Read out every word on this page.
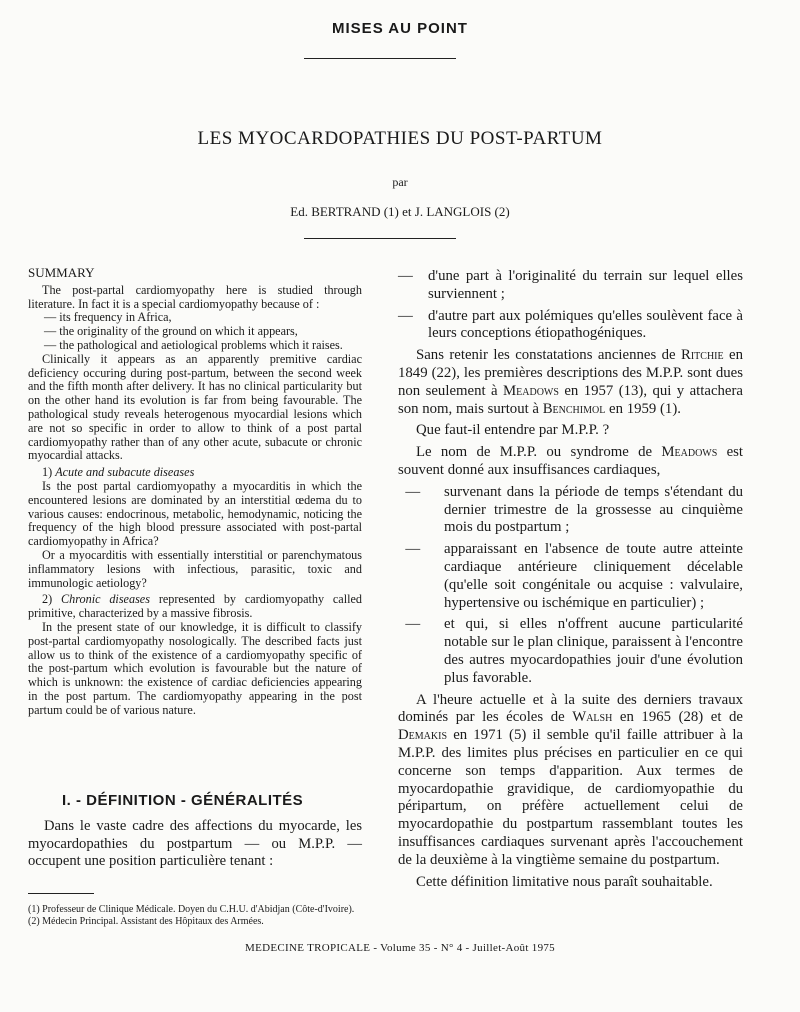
MISES AU POINT
LES MYOCARDOPATHIES DU POST-PARTUM
par
Ed. BERTRAND (1) et J. LANGLOIS (2)

SUMMARY

The post-partal cardiomyopathy here is studied through literature. In fact it is a special cardiomyopathy because of :

— its frequency in Africa,

— the originality of the ground on which it appears,

— the pathological and aetiological problems which it raises.

Clinically it appears as an apparently premitive cardiac deficiency occuring during post-partum, between the second week and the fifth month after delivery. It has no clinical particularity but on the other hand its evolution is far from being favourable. The pathological study reveals heterogenous myocardial lesions which are not so specific in order to allow to think of a post partal cardiomyopathy rather than of any other acute, subacute or chronic myocardial attacks.

1) Acute and subacute diseases

Is the post partal cardiomyopathy a myocarditis in which the encountered lesions are dominated by an interstitial œdema du to various causes: endocrinous, metabolic, hemodynamic, noticing the frequency of the high blood pressure associated with post-partal cardiomyopathy in Africa?

Or a myocarditis with essentially interstitial or parenchymatous inflammatory lesions with infectious, parasitic, toxic and immunologic aetiology?

2) Chronic diseases represented by cardiomyopathy called primitive, characterized by a massive fibrosis.

In the present state of our knowledge, it is difficult to classify post-partal cardiomyopathy nosologically. The described facts just allow us to think of the existence of a cardiomyopathy specific of the post-partum which evolution is favourable but the nature of which is unknown: the existence of cardiac deficiencies appearing in the post partum. The cardiomyopathy appearing in the post partum could be of various nature.

I. - DÉFINITION - GÉNÉRALITÉS

Dans le vaste cadre des affections du myocarde, les myocardopathies du postpartum — ou M.P.P. — occupent une position particulière tenant :

—	d'une part à l'originalité du terrain sur lequel elles surviennent ;
—	d'autre part aux polémiques qu'elles soulèvent face à leurs conceptions étiopathogéniques.

Sans retenir les constatations anciennes de Ritchie en 1849 (22), les premières descriptions des M.P.P. sont dues non seulement à Meadows en 1957 (13), qui y attachera son nom, mais surtout à Benchimol en 1959 (1).

Que faut-il entendre par M.P.P. ?

Le nom de M.P.P. ou syndrome de Meadows est souvent donné aux insuffisances cardiaques,

—	survenant dans la période de temps s'étendant du dernier trimestre de la grossesse au cinquième mois du postpartum ;
—	apparaissant en l'absence de toute autre atteinte cardiaque antérieure cliniquement décelable (qu'elle soit congénitale ou acquise : valvulaire, hypertensive ou ischémique en particulier) ;
—	et qui, si elles n'offrent aucune particularité notable sur le plan clinique, paraissent à l'encontre des autres myocardopathies jouir d'une évolution plus favorable.

A l'heure actuelle et à la suite des derniers travaux dominés par les écoles de Walsh en 1965 (28) et de Demakis en 1971 (5) il semble qu'il faille attribuer à la M.P.P. des limites plus précises en particulier en ce qui concerne son temps d'apparition. Aux termes de myocardopathie gravidique, de cardiomyopathie du péripartum, on préfère actuellement celui de myocardopathie du postpartum rassemblant toutes les insuffisances cardiaques survenant après l'accouchement de la deuxième à la vingtième semaine du postpartum.

Cette définition limitative nous paraît souhaitable.

(1) Professeur de Clinique Médicale. Doyen du C.H.U. d'Abidjan (Côte-d'Ivoire).

(2) Médecin Principal. Assistant des Hôpitaux des Armées.

MEDECINE TROPICALE - Volume 35 - N° 4 - Juillet-Août 1975
